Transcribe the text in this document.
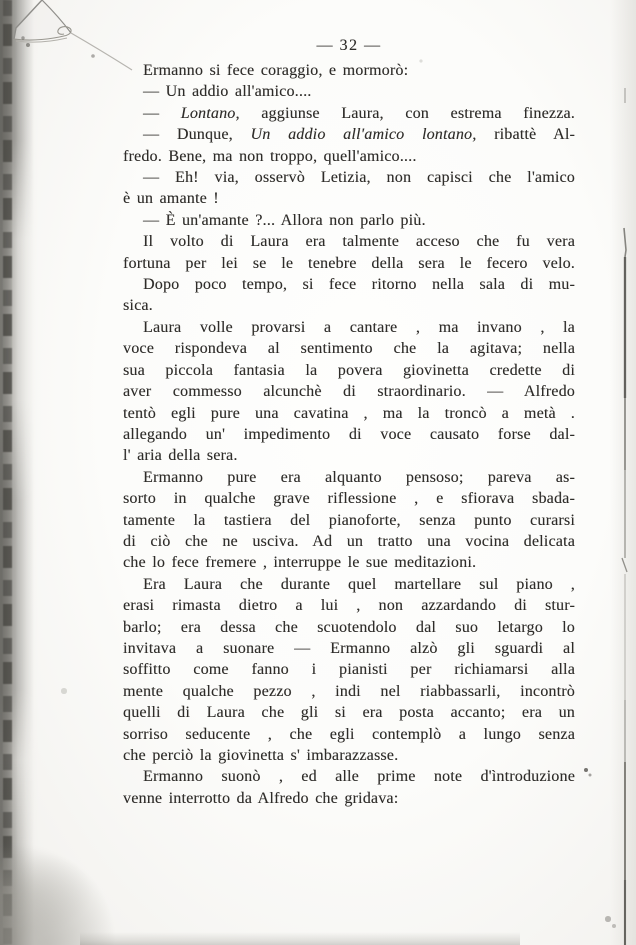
— 32 —
Ermanno si fece coraggio, e mormorò:
— Un addio all'amico....
— Lontano, aggiunse Laura, con estrema finezza.
— Dunque, Un addio all'amico lontano, ribattè Al-
fredo. Bene, ma non troppo, quell'amico....
— Eh! via, osservò Letizia, non capisci che l'amico
è un amante !
— È un'amante ?... Allora non parlo più.
Il volto di Laura era talmente acceso che fu vera
fortuna per lei se le tenebre della sera le fecero velo.
Dopo poco tempo, si fece ritorno nella sala di mu-
sica.
Laura volle provarsi a cantare , ma invano , la
voce rispondeva al sentimento che la agitava; nella
sua piccola fantasia la povera giovinetta credette di
aver commesso alcunchè di straordinario. — Alfredo
tentò egli pure una cavatina , ma la troncò a metà .
allegando un' impedimento di voce causato forse dal-
l' aria della sera.
Ermanno pure era alquanto pensoso; pareva as-
sorto in qualche grave riflessione , e sfiorava sbada-
tamente la tastiera del pianoforte, senza punto curarsi
di ciò che ne usciva. Ad un tratto una vocina delicata
che lo fece fremere , interruppe le sue meditazioni.
Era Laura che durante quel martellare sul piano ,
erasi rimasta dietro a lui , non azzardando di stur-
barlo; era dessa che scuotendolo dal suo letargo lo
invitava a suonare — Ermanno alzò gli sguardi al
soffitto come fanno i pianisti per richiamarsi alla
mente qualche pezzo , indi nel riabbassarli, incontrò
quelli di Laura che gli si era posta accanto; era un
sorriso seducente , che egli contemplò a lungo senza
che perciò la giovinetta s' imbarazzasse.
Ermanno suonò , ed alle prime note d'ìntroduzione
venne interrotto da Alfredo che gridava:
